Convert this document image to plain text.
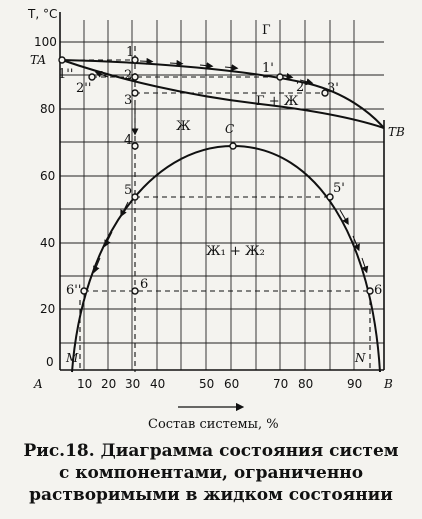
T, °C
100
80
60
40
20
0
10 20 30 40	50 60	70 80	90
A	B
Состав системы, %
Г
Ж
Г + Ж
Ж₁ + Ж₂
C
TA
TB
M	N
1
2
3
4
5
6
1'
2' 3'
5'
6'
6''
2''
1''
Рис.18. Диаграмма состояния систем
с компонентами, ограниченно
растворимыми в жидком состоянии
